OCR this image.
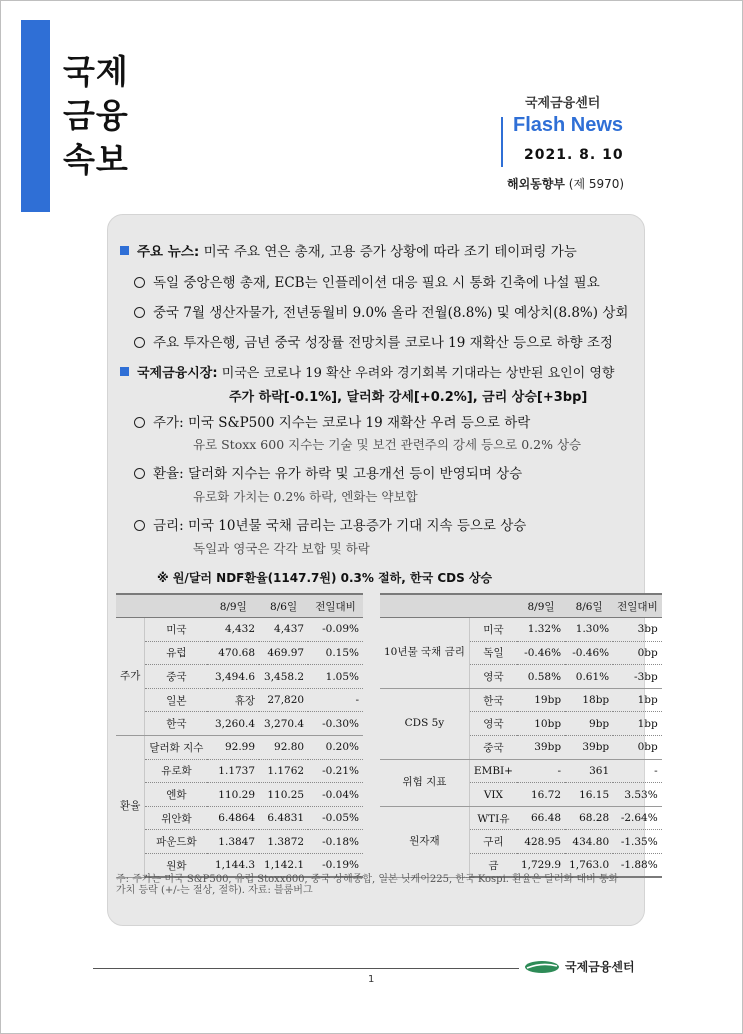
국제
금융
속보
국제금융센터
Flash News
2021. 8. 10
해외동향부 (제 5970)
주요 뉴스: 미국 주요 연은 총재, 고용 증가 상황에 따라 조기 테이퍼링 가능
독일 중앙은행 총재, ECB는 인플레이션 대응 필요 시 통화 긴축에 나설 필요
중국 7월 생산자물가, 전년동월비 9.0% 올라 전월(8.8%) 및 예상치(8.8%) 상회
주요 투자은행, 금년 중국 성장률 전망치를 코로나 19 재확산 등으로 하향 조정
국제금융시장: 미국은 코로나 19 확산 우려와 경기회복 기대라는 상반된 요인이 영향
주가 하락[-0.1%], 달러화 강세[+0.2%], 금리 상승[+3bp]
주가: 미국 S&P500 지수는 코로나 19 재확산 우려 등으로 하락
유로 Stoxx 600 지수는 기술 및 보건 관련주의 강세 등으로 0.2% 상승
환율: 달러화 지수는 유가 하락 및 고용개선 등이 반영되며 상승
유로화 가치는 0.2% 하락, 엔화는 약보합
금리: 미국 10년물 국채 금리는 고용증가 기대 지속 등으로 상승
독일과 영국은 각각 보합 및 하락
※ 원/달러 NDF환율(1147.7원) 0.3% 절하, 한국 CDS 상승
		8/9일	8/6일	전일대비
주가	미국	4,432	4,437	-0.09%
	유럽	470.68	469.97	0.15%
	중국	3,494.6	3,458.2	1.05%
	일본	휴장	27,820	-
	한국	3,260.4	3,270.4	-0.30%
환율	달러화 지수	92.99	92.80	0.20%
	유로화	1.1737	1.1762	-0.21%
	엔화	110.29	110.25	-0.04%
	위안화	6.4864	6.4831	-0.05%
	파운드화	1.3847	1.3872	-0.18%
	원화	1,144.3	1,142.1	-0.19%
		8/9일	8/6일	전일대비
10년물 국채 금리	미국	1.32%	1.30%	3bp
	독일	-0.46%	-0.46%	0bp
	영국	0.58%	0.61%	-3bp
CDS 5y	한국	19bp	18bp	1bp
	영국	10bp	9bp	1bp
	중국	39bp	39bp	0bp
위험 지표	EMBI+	-	361	-
	VIX	16.72	16.15	3.53%
원자재	WTI유	66.48	68.28	-2.64%
	구리	428.95	434.80	-1.35%
	금	1,729.9	1,763.0	-1.88%
주: 주가는 미국 S&P500, 유럽 Stoxx600, 중국 상해종합, 일본 닛케이225, 한국 Kospi. 환율은 달러화 대비 통화가치 등락 (+/-는 절상, 절하). 자료: 블룸버그
국제금융센터
1
